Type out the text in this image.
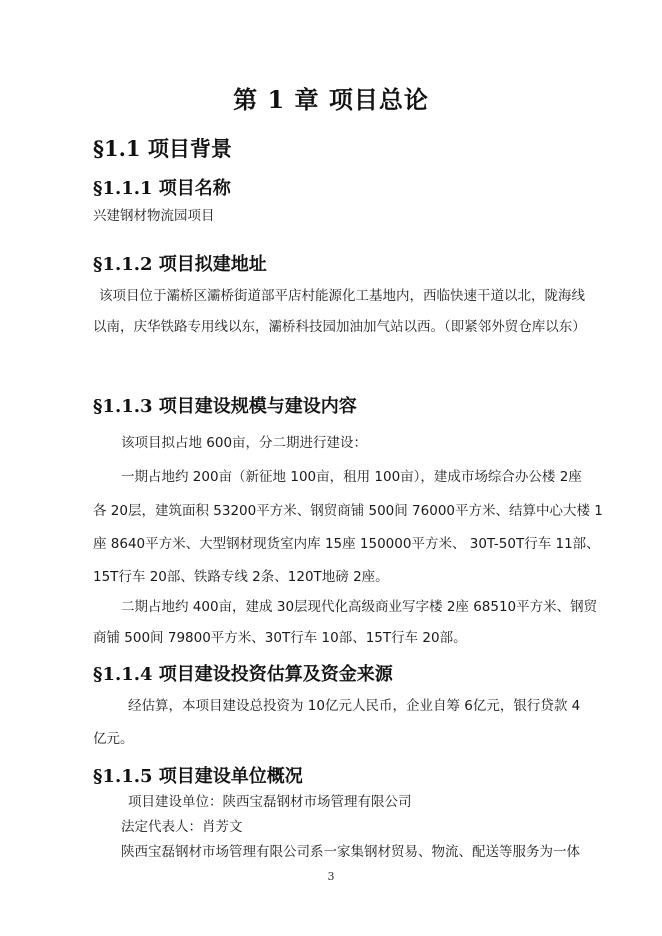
第 1 章 项目总论
§1.1 项目背景
§1.1.1 项目名称
兴建钢材物流园项目
§1.1.2 项目拟建地址
该项目位于灞桥区灞桥街道部平店村能源化工基地内，西临快速干道以北，陇海线
以南，庆华铁路专用线以东，灞桥科技园加油加气站以西。（即紧邻外贸仓库以东）
§1.1.3 项目建设规模与建设内容
该项目拟占地 600亩，分二期进行建设：
一期占地约 200亩（新征地 100亩，租用 100亩），建成市场综合办公楼 2座
各 20层，建筑面积 53200平方米、钢贸商铺 500间 76000平方米、结算中心大楼 1
座 8640平方米、大型钢材现货室内库 15座 150000平方米、 30T-50T行车 11部、
15T行车 20部、铁路专线 2条、120T地磅 2座。
二期占地约 400亩，建成 30层现代化高级商业写字楼 2座 68510平方米、钢贸
商铺 500间 79800平方米、30T行车 10部、15T行车 20部。
§1.1.4 项目建设投资估算及资金来源
经估算，本项目建设总投资为 10亿元人民币，企业自筹 6亿元，银行贷款 4
亿元。
§1.1.5 项目建设单位概况
项目建设单位：陕西宝磊钢材市场管理有限公司
法定代表人：肖芳文
陕西宝磊钢材市场管理有限公司系一家集钢材贸易、物流、配送等服务为一体
3
